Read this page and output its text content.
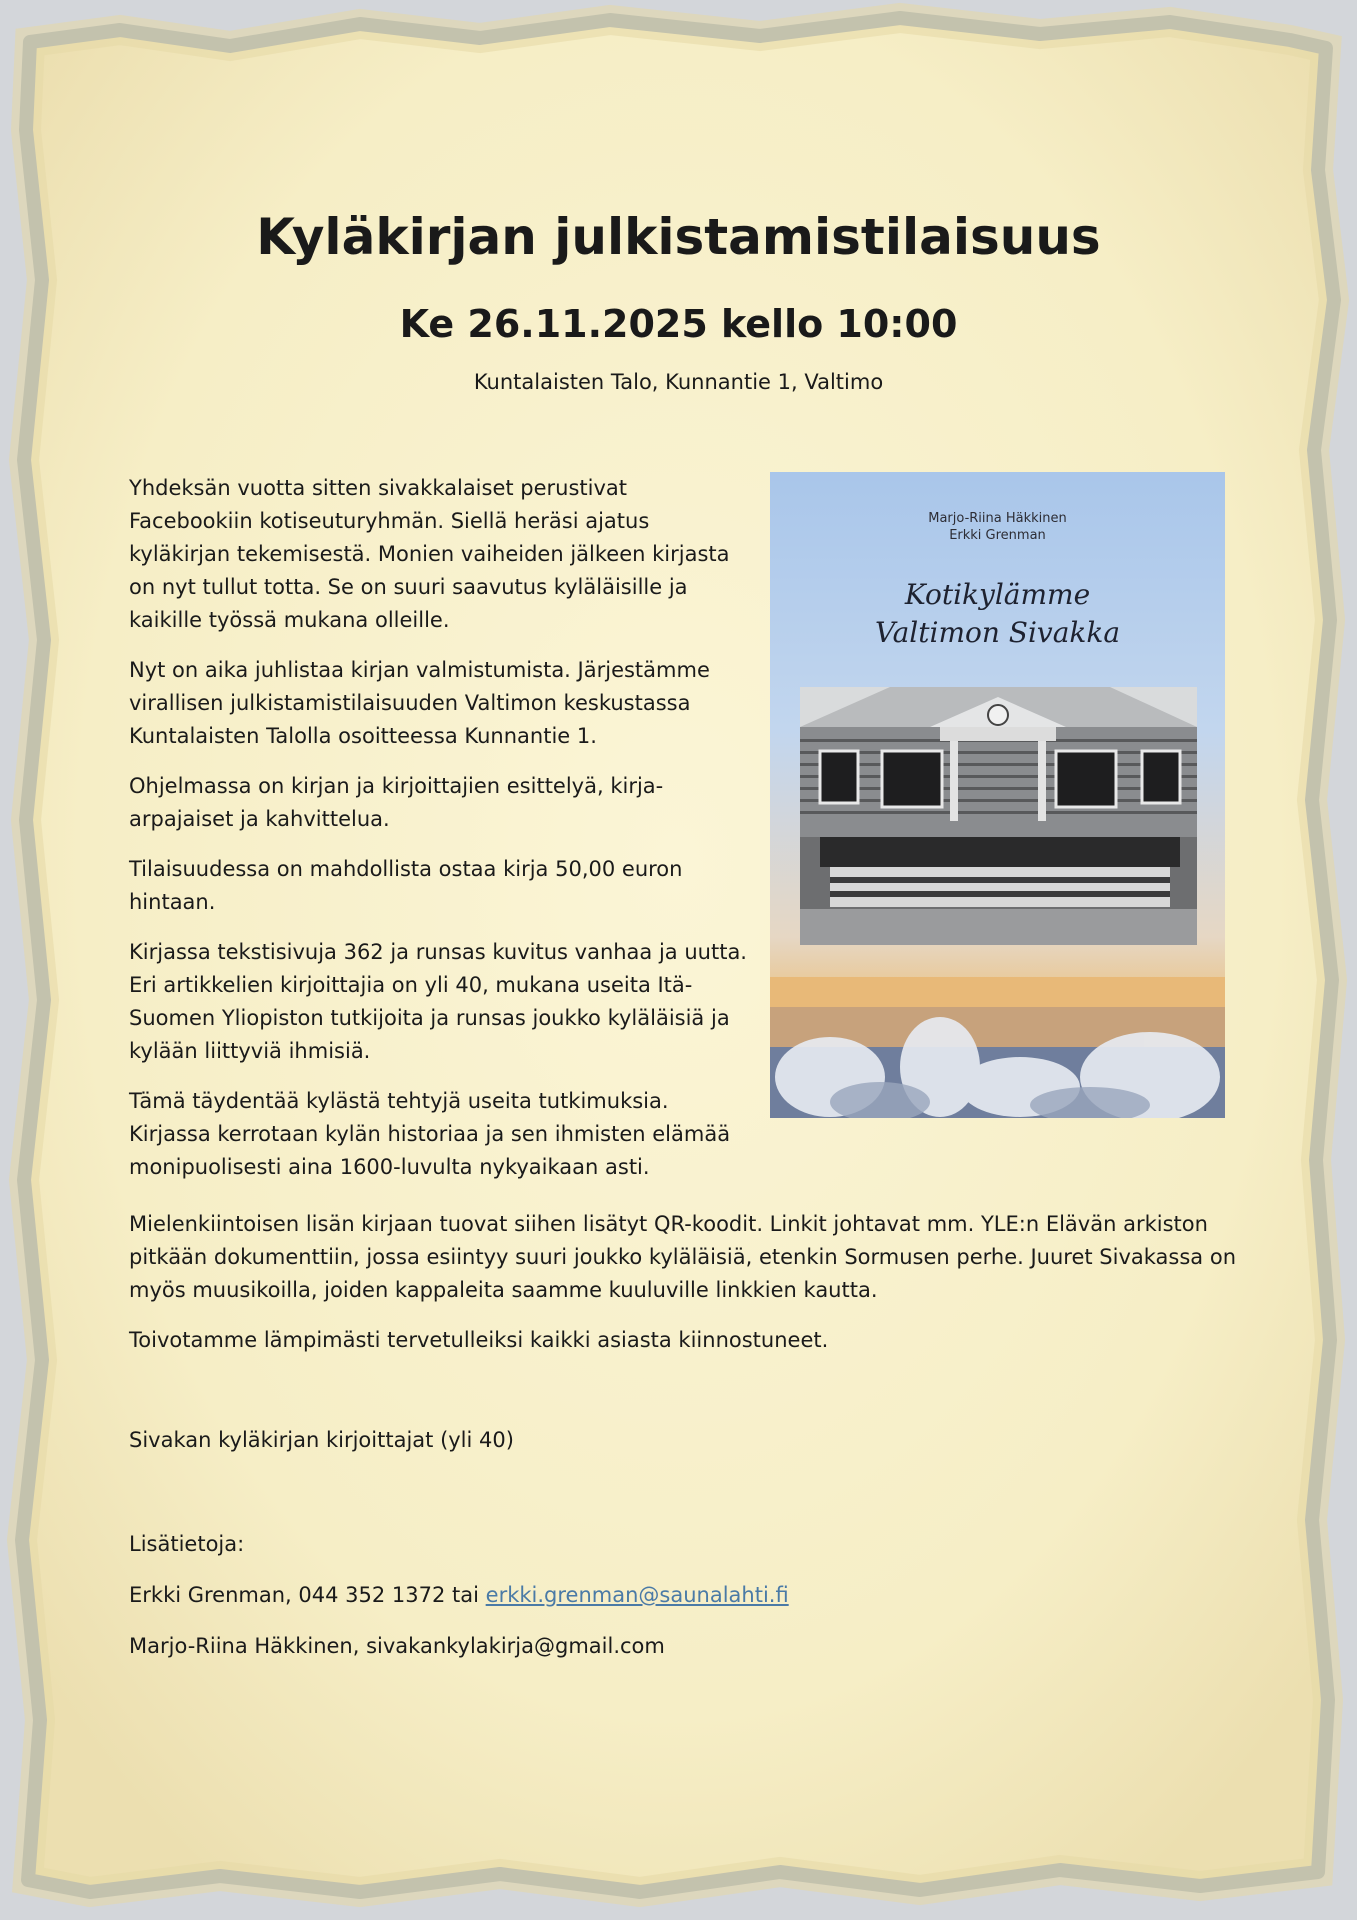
Kyläkirjan julkistamistilaisuus
Ke 26.11.2025 kello 10:00

Kuntalaisten Talo, Kunnantie 1, Valtimo

Yhdeksän vuotta sitten sivakkalaiset perustivat Facebookiin kotiseuturyhmän. Siellä heräsi ajatus kyläkirjan tekemisestä. Monien vaiheiden jälkeen kirjasta on nyt tullut totta. Se on suuri saavutus kyläläisille ja kaikille työssä mukana olleille.

Nyt on aika juhlistaa kirjan valmistumista. Järjestämme virallisen julkistamistilaisuuden Valtimon keskustassa Kuntalaisten Talolla osoitteessa Kunnantie 1.

Ohjelmassa on kirjan ja kirjoittajien esittelyä, kirja-arpajaiset ja kahvittelua.

Tilaisuudessa on mahdollista ostaa kirja 50,00 euron hintaan.

Kirjassa tekstisivuja 362 ja runsas kuvitus vanhaa ja uutta. Eri artikkelien kirjoittajia on yli 40, mukana useita Itä-Suomen Yliopiston tutkijoita ja runsas joukko kyläläisiä ja kylään liittyviä ihmisiä.

Tämä täydentää kylästä tehtyjä useita tutkimuksia. Kirjassa kerrotaan kylän historiaa ja sen ihmisten elämää monipuolisesti aina 1600-luvulta nykyaikaan asti.

Marjo-Riina Häkkinen
Erkki Grenman
Kotikylämme
Valtimon Sivakka

Mielenkiintoisen lisän kirjaan tuovat siihen lisätyt QR-koodit. Linkit johtavat mm. YLE:n Elävän arkiston pitkään dokumenttiin, jossa esiintyy suuri joukko kyläläisiä, etenkin Sormusen perhe. Juuret Sivakassa on myös muusikoilla, joiden kappaleita saamme kuuluville linkkien kautta.

Toivotamme lämpimästi tervetulleiksi kaikki asiasta kiinnostuneet.

Sivakan kyläkirjan kirjoittajat (yli 40)

Lisätietoja:

Erkki Grenman, 044 352 1372 tai erkki.grenman@saunalahti.fi

Marjo-Riina Häkkinen, sivakankylakirja@gmail.com
